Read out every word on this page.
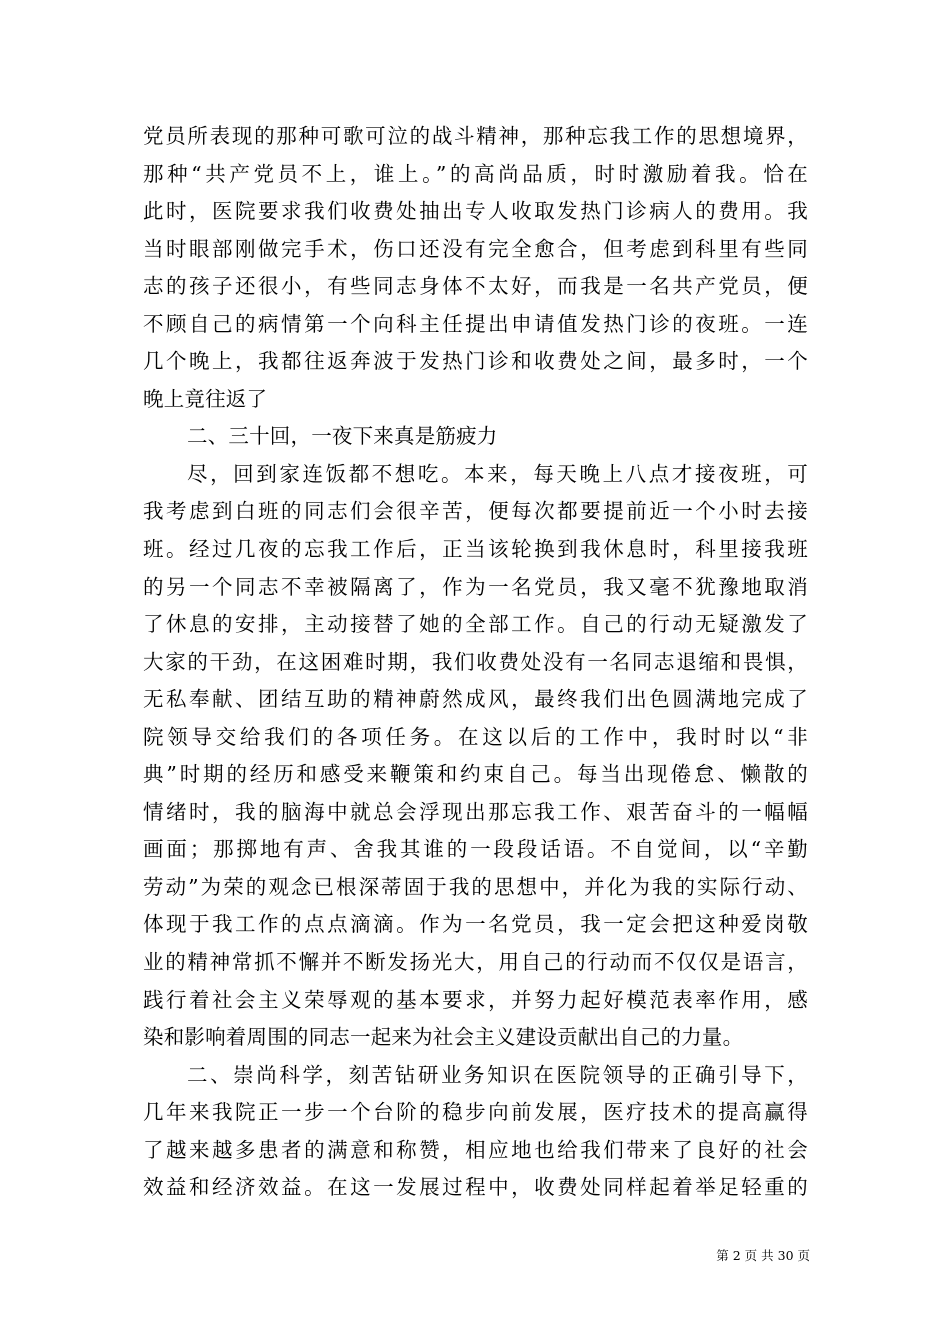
党员所表现的那种可歌可泣的战斗精神，那种忘我工作的思想境界，
那种“共产党员不上，谁上。”的高尚品质，时时激励着我。恰在
此时，医院要求我们收费处抽出专人收取发热门诊病人的费用。我
当时眼部刚做完手术，伤口还没有完全愈合，但考虑到科里有些同
志的孩子还很小，有些同志身体不太好，而我是一名共产党员，便
不顾自己的病情第一个向科主任提出申请值发热门诊的夜班。一连
几个晚上，我都往返奔波于发热门诊和收费处之间，最多时，一个
晚上竟往返了
二、三十回，一夜下来真是筋疲力
尽，回到家连饭都不想吃。本来，每天晚上八点才接夜班，可
我考虑到白班的同志们会很辛苦，便每次都要提前近一个小时去接
班。经过几夜的忘我工作后，正当该轮换到我休息时，科里接我班
的另一个同志不幸被隔离了，作为一名党员，我又毫不犹豫地取消
了休息的安排，主动接替了她的全部工作。自己的行动无疑激发了
大家的干劲，在这困难时期，我们收费处没有一名同志退缩和畏惧，
无私奉献、团结互助的精神蔚然成风，最终我们出色圆满地完成了
院领导交给我们的各项任务。在这以后的工作中，我时时以“非
典”时期的经历和感受来鞭策和约束自己。每当出现倦怠、懒散的
情绪时，我的脑海中就总会浮现出那忘我工作、艰苦奋斗的一幅幅
画面；那掷地有声、舍我其谁的一段段话语。不自觉间，以“辛勤
劳动”为荣的观念已根深蒂固于我的思想中，并化为我的实际行动、
体现于我工作的点点滴滴。作为一名党员，我一定会把这种爱岗敬
业的精神常抓不懈并不断发扬光大，用自己的行动而不仅仅是语言，
践行着社会主义荣辱观的基本要求，并努力起好模范表率作用，感
染和影响着周围的同志一起来为社会主义建设贡献出自己的力量。
二、崇尚科学，刻苦钻研业务知识在医院领导的正确引导下，
几年来我院正一步一个台阶的稳步向前发展，医疗技术的提高赢得
了越来越多患者的满意和称赞，相应地也给我们带来了良好的社会
效益和经济效益。在这一发展过程中，收费处同样起着举足轻重的
第 2 页 共 30 页
